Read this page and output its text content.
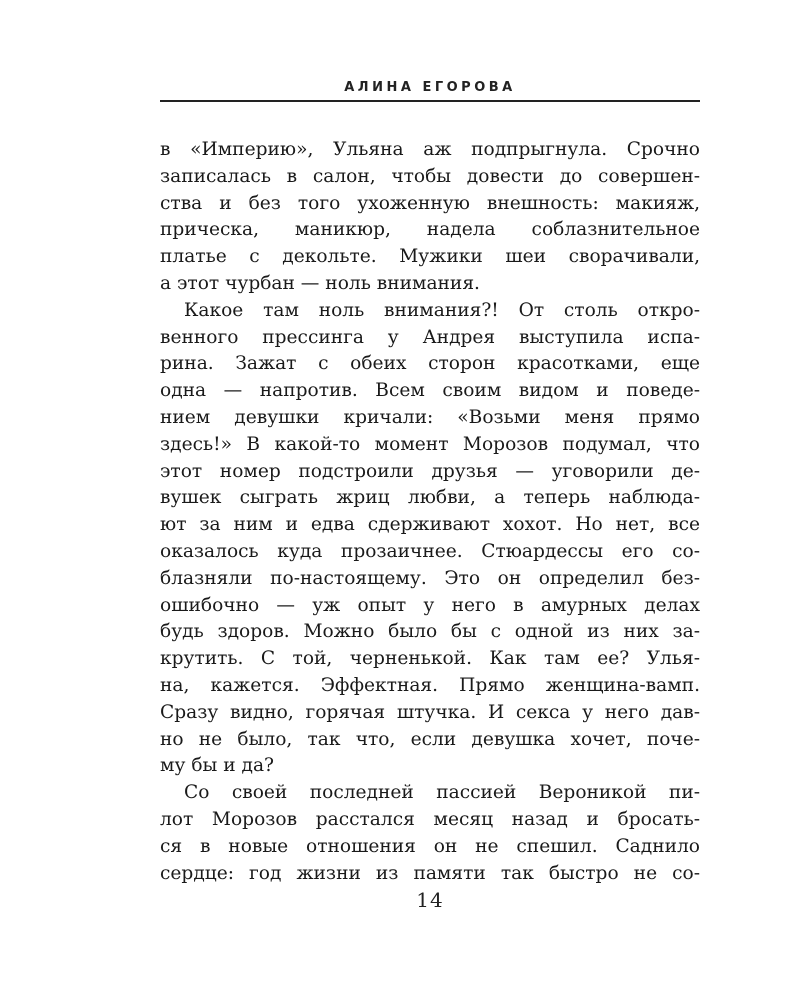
АЛИНА ЕГОРОВА
в «Империю», Ульяна аж подпрыгнула. Срочно
записалась в салон, чтобы довести до совершен-
ства и без того ухоженную внешность: макияж,
прическа, маникюр, надела соблазнительное
платье с декольте. Мужики шеи сворачивали,
а этот чурбан — ноль внимания.
Какое там ноль внимания?! От столь откро-
венного прессинга у Андрея выступила испа-
рина. Зажат с обеих сторон красотками, еще
одна — напротив. Всем своим видом и поведе-
нием девушки кричали: «Возьми меня прямо
здесь!» В какой-то момент Морозов подумал, что
этот номер подстроили друзья — уговорили де-
вушек сыграть жриц любви, а теперь наблюда-
ют за ним и едва сдерживают хохот. Но нет, все
оказалось куда прозаичнее. Стюардессы его со-
блазняли по-настоящему. Это он определил без-
ошибочно — уж опыт у него в амурных делах
будь здоров. Можно было бы с одной из них за-
крутить. С той, черненькой. Как там ее? Улья-
на, кажется. Эффектная. Прямо женщина-вамп.
Сразу видно, горячая штучка. И секса у него дав-
но не было, так что, если девушка хочет, поче-
му бы и да?
Со своей последней пассией Вероникой пи-
лот Морозов расстался месяц назад и бросать-
ся в новые отношения он не спешил. Саднило
сердце: год жизни из памяти так быстро не со-
14
